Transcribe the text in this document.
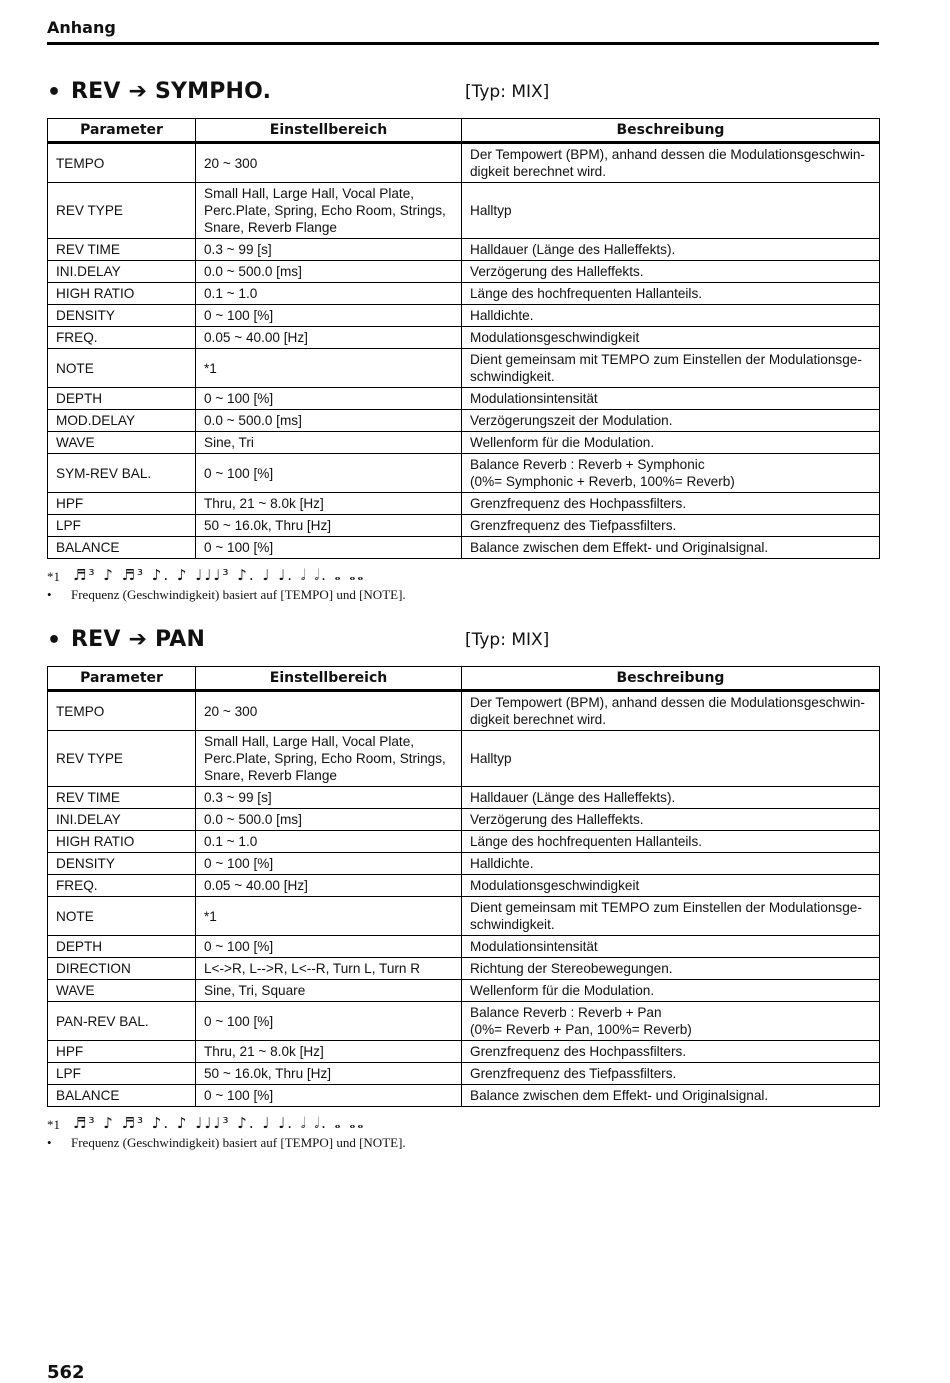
Anhang
• REV ➔ SYMPHO.	[Typ: MIX]
Parameter	Einstellbereich	Beschreibung
TEMPO	20 ~ 300	Der Tempowert (BPM), anhand dessen die Modulationsgeschwin-
digkeit berechnet wird.
REV TYPE	Small Hall, Large Hall, Vocal Plate,
Perc.Plate, Spring, Echo Room, Strings,
Snare, Reverb Flange	Halltyp
REV TIME	0.3 ~ 99 [s]	Halldauer (Länge des Halleffekts).
INI.DELAY	0.0 ~ 500.0 [ms]	Verzögerung des Halleffekts.
HIGH RATIO	0.1 ~ 1.0	Länge des hochfrequenten Hallanteils.
DENSITY	0 ~ 100 [%]	Halldichte.
FREQ.	0.05 ~ 40.00 [Hz]	Modulationsgeschwindigkeit
NOTE	*1	Dient gemeinsam mit TEMPO zum Einstellen der Modulationsge-
schwindigkeit.
DEPTH	0 ~ 100 [%]	Modulationsintensität
MOD.DELAY	0.0 ~ 500.0 [ms]	Verzögerungszeit der Modulation.
WAVE	Sine, Tri	Wellenform für die Modulation.
SYM-REV BAL.	0 ~ 100 [%]	Balance Reverb : Reverb + Symphonic
(0%= Symphonic + Reverb, 100%= Reverb)
HPF	Thru, 21 ~ 8.0k [Hz]	Grenzfrequenz des Hochpassfilters.
LPF	50 ~ 16.0k, Thru [Hz]	Grenzfrequenz des Tiefpassfilters.
BALANCE	0 ~ 100 [%]	Balance zwischen dem Effekt- und Originalsignal.
*1 ♬³ ♪ ♬³ ♪. ♪ ♩♩♩³ ♪. ♩ ♩. 𝅗𝅥 𝅗𝅥. 𝅝 𝅝𝅝
• Frequenz (Geschwindigkeit) basiert auf [TEMPO] und [NOTE].
• REV ➔ PAN	[Typ: MIX]
Parameter	Einstellbereich	Beschreibung
TEMPO	20 ~ 300	Der Tempowert (BPM), anhand dessen die Modulationsgeschwin-
digkeit berechnet wird.
REV TYPE	Small Hall, Large Hall, Vocal Plate,
Perc.Plate, Spring, Echo Room, Strings,
Snare, Reverb Flange	Halltyp
REV TIME	0.3 ~ 99 [s]	Halldauer (Länge des Halleffekts).
INI.DELAY	0.0 ~ 500.0 [ms]	Verzögerung des Halleffekts.
HIGH RATIO	0.1 ~ 1.0	Länge des hochfrequenten Hallanteils.
DENSITY	0 ~ 100 [%]	Halldichte.
FREQ.	0.05 ~ 40.00 [Hz]	Modulationsgeschwindigkeit
NOTE	*1	Dient gemeinsam mit TEMPO zum Einstellen der Modulationsge-
schwindigkeit.
DEPTH	0 ~ 100 [%]	Modulationsintensität
DIRECTION	L<->R, L-->R, L<--R, Turn L, Turn R	Richtung der Stereobewegungen.
WAVE	Sine, Tri, Square	Wellenform für die Modulation.
PAN-REV BAL.	0 ~ 100 [%]	Balance Reverb : Reverb + Pan
(0%= Reverb + Pan, 100%= Reverb)
HPF	Thru, 21 ~ 8.0k [Hz]	Grenzfrequenz des Hochpassfilters.
LPF	50 ~ 16.0k, Thru [Hz]	Grenzfrequenz des Tiefpassfilters.
BALANCE	0 ~ 100 [%]	Balance zwischen dem Effekt- und Originalsignal.
*1 ♬³ ♪ ♬³ ♪. ♪ ♩♩♩³ ♪. ♩ ♩. 𝅗𝅥 𝅗𝅥. 𝅝 𝅝𝅝
• Frequenz (Geschwindigkeit) basiert auf [TEMPO] und [NOTE].
562
